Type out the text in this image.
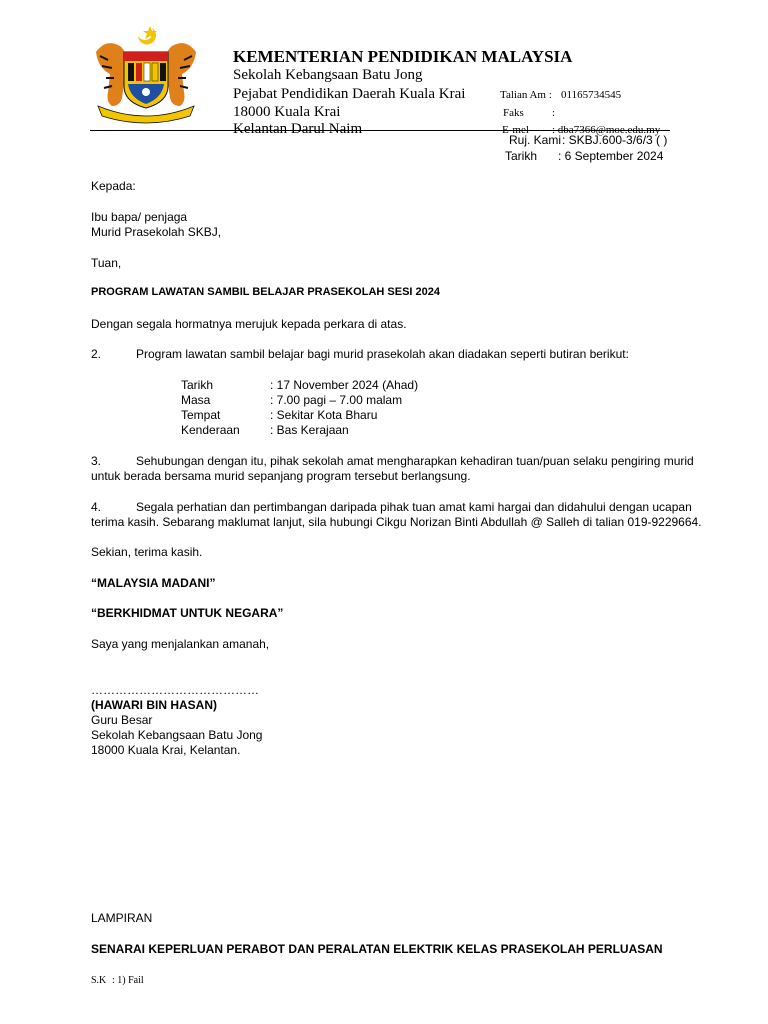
KEMENTERIAN PENDIDIKAN MALAYSIA
Sekolah Kebangsaan Batu Jong
Pejabat Pendidikan Daerah Kuala Krai
18000 Kuala Krai
Kelantan Darul Naim
Talian Am : 01165734545
Faks	:
E-mel : dba7366@moe.edu.my
Ruj. Kami : SKBJ.600-3/6/3 ( )
Tarikh : 6 September 2024
Kepada:
Ibu bapa/ penjaga
Murid Prasekolah SKBJ,
Tuan,
PROGRAM LAWATAN SAMBIL BELAJAR PRASEKOLAH SESI 2024
Dengan segala hormatnya merujuk kepada perkara di atas.
2.	Program lawatan sambil belajar bagi murid prasekolah akan diadakan seperti butiran berikut:
Tarikh	: 17 November 2024 (Ahad)
Masa	: 7.00 pagi – 7.00 malam
Tempat	: Sekitar Kota Bharu
Kenderaan	: Bas Kerajaan
3.	Sehubungan dengan itu, pihak sekolah amat mengharapkan kehadiran tuan/puan selaku pengiring murid
untuk berada bersama murid sepanjang program tersebut berlangsung.
4.	Segala perhatian dan pertimbangan daripada pihak tuan amat kami hargai dan didahului dengan ucapan
terima kasih. Sebarang maklumat lanjut, sila hubungi Cikgu Norizan Binti Abdullah @ Salleh di talian 019-9229664.
Sekian, terima kasih.
“MALAYSIA MADANI”
“BERKHIDMAT UNTUK NEGARA”
Saya yang menjalankan amanah,
……………………………………
(HAWARI BIN HASAN)
Guru Besar
Sekolah Kebangsaan Batu Jong
18000 Kuala Krai, Kelantan.
LAMPIRAN
SENARAI KEPERLUAN PERABOT DAN PERALATAN ELEKTRIK KELAS PRASEKOLAH PERLUASAN
S.K : 1) Fail
